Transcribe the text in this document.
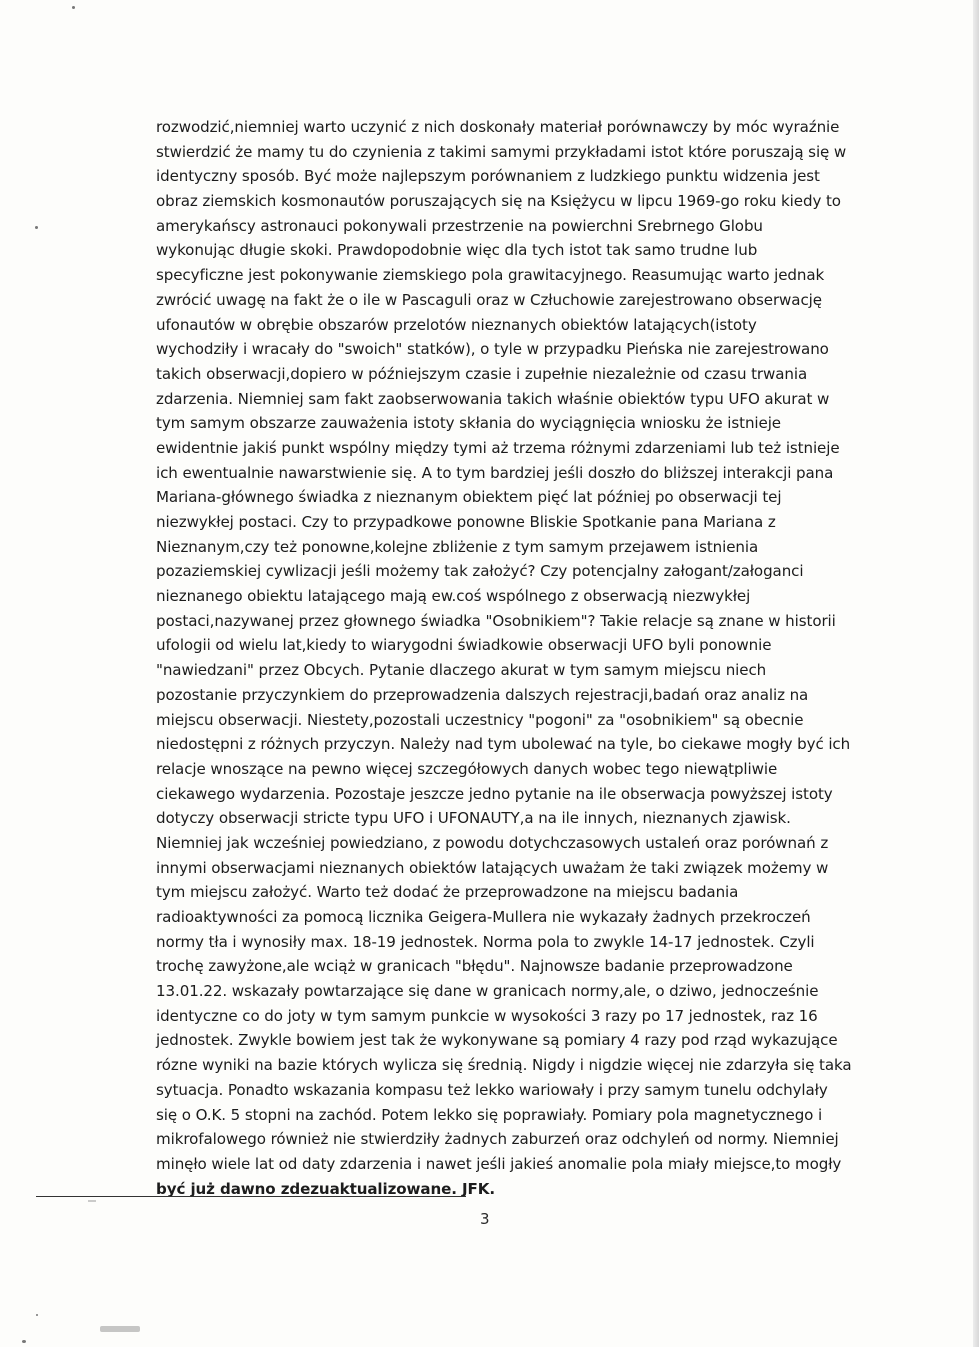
rozwodzić,niemniej warto uczynić z nich doskonały materiał porównawczy by móc wyraźnie
stwierdzić że mamy tu do czynienia z takimi samymi przykładami istot które poruszają się w
identyczny sposób. Być może najlepszym porównaniem z ludzkiego punktu widzenia jest
obraz ziemskich kosmonautów poruszających się na Księżycu w lipcu 1969-go roku kiedy to
amerykańscy astronauci pokonywali przestrzenie na powierchni Srebrnego Globu
wykonując długie skoki. Prawdopodobnie więc dla tych istot tak samo trudne lub
specyficzne jest pokonywanie ziemskiego pola grawitacyjnego. Reasumując warto jednak
zwrócić uwagę na fakt że o ile w Pascaguli oraz w Człuchowie zarejestrowano obserwację
ufonautów w obrębie obszarów przelotów nieznanych obiektów latających(istoty
wychodziły i wracały do "swoich" statków), o tyle w przypadku Pieńska nie zarejestrowano
takich obserwacji,dopiero w późniejszym czasie i zupełnie niezależnie od czasu trwania
zdarzenia. Niemniej sam fakt zaobserwowania takich właśnie obiektów typu UFO akurat w
tym samym obszarze zauważenia istoty skłania do wyciągnięcia wniosku że istnieje
ewidentnie jakiś punkt wspólny między tymi aż trzema różnymi zdarzeniami lub też istnieje
ich ewentualnie nawarstwienie się. A to tym bardziej jeśli doszło do bliższej interakcji pana
Mariana-głównego świadka z nieznanym obiektem pięć lat później po obserwacji tej
niezwykłej postaci. Czy to przypadkowe ponowne Bliskie Spotkanie pana Mariana z
Nieznanym,czy też ponowne,kolejne zbliżenie z tym samym przejawem istnienia
pozaziemskiej cywlizacji jeśli możemy tak założyć? Czy potencjalny załogant/załoganci
nieznanego obiektu latającego mają ew.coś wspólnego z obserwacją niezwykłej
postaci,nazywanej przez głownego świadka "Osobnikiem"? Takie relacje są znane w historii
ufologii od wielu lat,kiedy to wiarygodni świadkowie obserwacji UFO byli ponownie
"nawiedzani" przez Obcych. Pytanie dlaczego akurat w tym samym miejscu niech
pozostanie przyczynkiem do przeprowadzenia dalszych rejestracji,badań oraz analiz na
miejscu obserwacji. Niestety,pozostali uczestnicy "pogoni" za "osobnikiem" są obecnie
niedostępni z różnych przyczyn. Należy nad tym ubolewać na tyle, bo ciekawe mogły być ich
relacje wnoszące na pewno więcej szczegółowych danych wobec tego niewątpliwie
ciekawego wydarzenia. Pozostaje jeszcze jedno pytanie na ile obserwacja powyższej istoty
dotyczy obserwacji stricte typu UFO i UFONAUTY,a na ile innych, nieznanych zjawisk.
Niemniej jak wcześniej powiedziano, z powodu dotychczasowych ustaleń oraz porównań z
innymi obserwacjami nieznanych obiektów latających uważam że taki związek możemy w
tym miejscu założyć. Warto też dodać że przeprowadzone na miejscu badania
radioaktywności za pomocą licznika Geigera-Mullera nie wykazały żadnych przekroczeń
normy tła i wynosiły max. 18-19 jednostek. Norma pola to zwykle 14-17 jednostek. Czyli
trochę zawyżone,ale wciąż w granicach "błędu". Najnowsze badanie przeprowadzone
13.01.22. wskazały powtarzające się dane w granicach normy,ale, o dziwo, jednocześnie
identyczne co do joty w tym samym punkcie w wysokości 3 razy po 17 jednostek, raz 16
jednostek. Zwykle bowiem jest tak że wykonywane są pomiary 4 razy pod rząd wykazujące
rózne wyniki na bazie których wylicza się średnią. Nigdy i nigdzie więcej nie zdarzyła się taka
sytuacja. Ponadto wskazania kompasu też lekko wariowały i przy samym tunelu odchylały
się o O.K. 5 stopni na zachód. Potem lekko się poprawiały. Pomiary pola magnetycznego i
mikrofalowego również nie stwierdziły żadnych zaburzeń oraz odchyleń od normy. Niemniej
minęło wiele lat od daty zdarzenia i nawet jeśli jakieś anomalie pola miały miejsce,to mogły
być już dawno zdezuaktualizowane. JFK.
3
